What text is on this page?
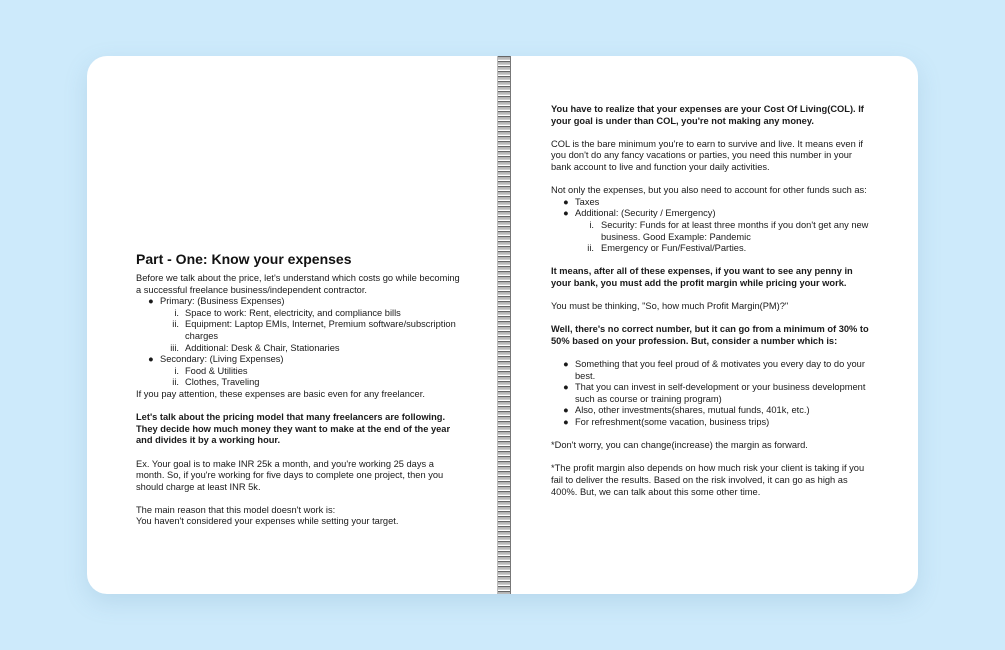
Part - One: Know your expenses

Before we talk about the price, let's understand which costs go while becoming a successful freelance business/independent contractor.

● Primary: (Business Expenses)
i. Space to work: Rent, electricity, and compliance bills
ii. Equipment: Laptop EMIs, Internet, Premium software/subscription charges
iii. Additional: Desk & Chair, Stationaries
● Secondary: (Living Expenses)
i. Food & Utilities
ii. Clothes, Traveling

If you pay attention, these expenses are basic even for any freelancer.

Let's talk about the pricing model that many freelancers are following. They decide how much money they want to make at the end of the year and divides it by a working hour.

Ex. Your goal is to make INR 25k a month, and you're working 25 days a month. So, if you're working for five days to complete one project, then you should charge at least INR 5k.

The main reason that this model doesn't work is:

You haven't considered your expenses while setting your target.

You have to realize that your expenses are your Cost Of Living(COL). If your goal is under than COL, you're not making any money.

COL is the bare minimum you're to earn to survive and live. It means even if you don't do any fancy vacations or parties, you need this number in your bank account to live and function your daily activities.

Not only the expenses, but you also need to account for other funds such as:

● Taxes
● Additional: (Security / Emergency)
i. Security: Funds for at least three months if you don't get any new business. Good Example: Pandemic
ii. Emergency or Fun/Festival/Parties.

It means, after all of these expenses, if you want to see any penny in your bank, you must add the profit margin while pricing your work.

You must be thinking, "So, how much Profit Margin(PM)?"

Well, there's no correct number, but it can go from a minimum of 30% to 50% based on your profession. But, consider a number which is:

● Something that you feel proud of & motivates you every day to do your best.
● That you can invest in self-development or your business development such as course or training program)
● Also, other investments(shares, mutual funds, 401k, etc.)
● For refreshment(some vacation, business trips)

*Don't worry, you can change(increase) the margin as forward.

*The profit margin also depends on how much risk your client is taking if you fail to deliver the results. Based on the risk involved, it can go as high as 400%. But, we can talk about this some other time.
